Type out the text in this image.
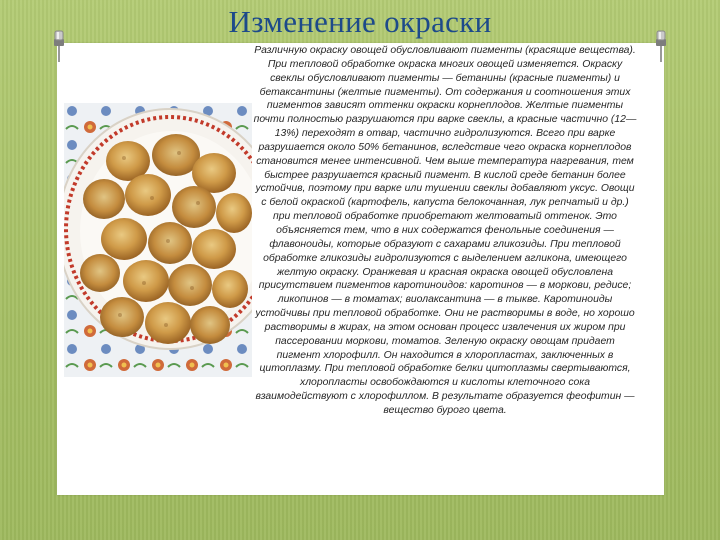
Изменение окраски

Различную окраску овощей обусловливают пигменты (красящие вещества). При тепловой обработке окраска многих овощей изменяется. Окраску свеклы обусловливают пигменты — бетанины (красные пигменты) и бетаксантины (желтые пигменты). От содержания и соотношения этих пигментов зависят оттенки окраски корнеплодов. Желтые пигменты почти полностью разрушаются при варке свеклы, а красные частично (12—13%) переходят в отвар, частично гидролизуются. Всего при варке разрушается около 50% бетанинов, вследствие чего окраска корнеплодов становится менее интенсивной. Чем выше температура нагревания, тем быстрее разрушается красный пигмент. В кислой среде бетанин более устойчив, поэтому при варке или тушении свеклы добавляют уксус. Овощи с белой окраской (картофель, капуста белокочанная, лук репчатый и др.) при тепловой обработке приобретают желтоватый оттенок. Это объясняется тем, что в них содержатся фенольные соединения — флавоноиды, которые образуют с сахарами гликозиды. При тепловой обработке гликозиды гидролизуются с выделением агликона, имеющего желтую окраску. Оранжевая и красная окраска овощей обусловлена присутствием пигментов каротиноидов: каротинов — в моркови, редисе; ликопинов — в томатах; виолаксантина — в тыкве. Каротиноиды устойчивы при тепловой обработке. Они не растворимы в воде, но хорошо растворимы в жирах, на этом основан процесс извлечения их жиром при пассеровании моркови, томатов. Зеленую окраску овощам придает пигмент хлорофилл. Он находится в хлоропластах, заключенных в цитоплазму. При тепловой обработке белки цитоплазмы свертываются, хлоропласты освобождаются и кислоты клеточного сока взаимодействуют с хлорофиллом. В результате образуется феофитин — вещество бурого цвета.
